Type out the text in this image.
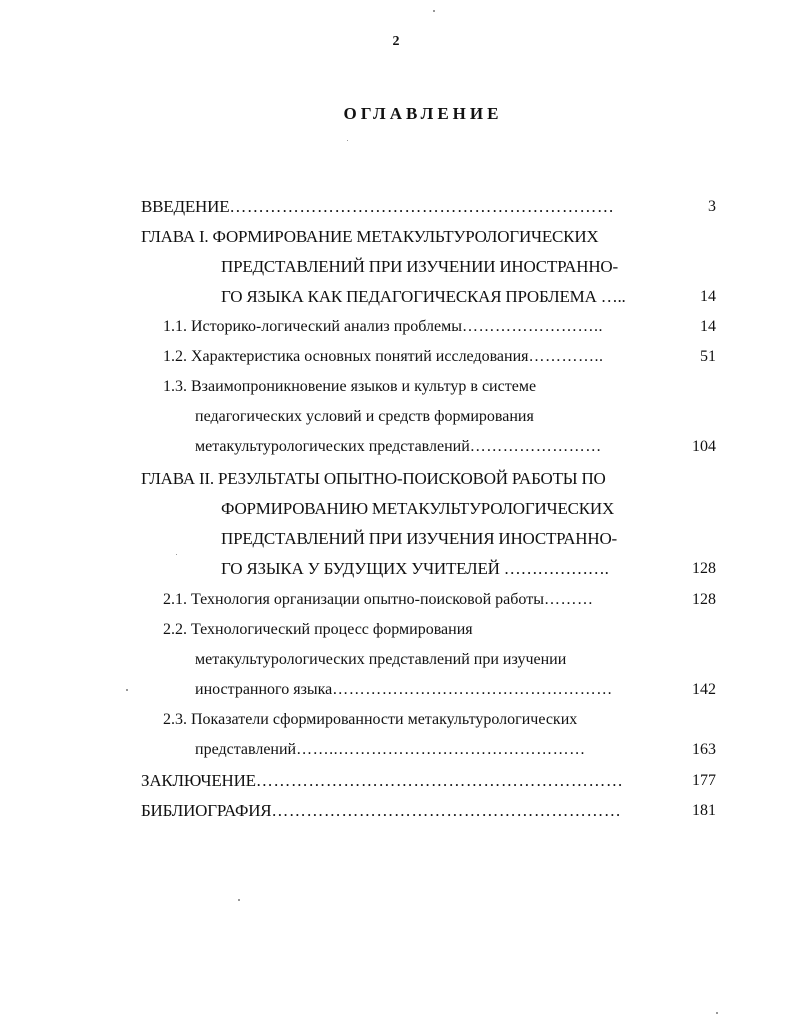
2
ОГЛАВЛЕНИЕ
ВВЕДЕНИЕ…………………………………………………………	3
ГЛАВА I. ФОРМИРОВАНИЕ МЕТАКУЛЬТУРОЛОГИЧЕСКИХ
ПРЕДСТАВЛЕНИЙ ПРИ ИЗУЧЕНИИ ИНОСТРАННО-
ГО ЯЗЫКА КАК ПЕДАГОГИЧЕСКАЯ ПРОБЛЕМА …..	14
1.1. Историко-логический анализ проблемы……………………..	14
1.2. Характеристика основных понятий исследования…………..	51
1.3. Взаимопроникновение языков и культур в системе
педагогических условий и средств формирования
метакультурологических представлений……………………	104
ГЛАВА II. РЕЗУЛЬТАТЫ ОПЫТНО-ПОИСКОВОЙ РАБОТЫ ПО
ФОРМИРОВАНИЮ МЕТАКУЛЬТУРОЛОГИЧЕСКИХ
ПРЕДСТАВЛЕНИЙ ПРИ ИЗУЧЕНИЯ ИНОСТРАННО-
ГО ЯЗЫКА У БУДУЩИХ УЧИТЕЛЕЙ ……………….	128
2.1. Технология организации опытно-поисковой работы………	128
2.2. Технологический процесс формирования
метакультурологических представлений при изучении
иностранного языка……………………………………………	142
2.3. Показатели сформированности метакультурологических
представлений……..………………………………………	163
ЗАКЛЮЧЕНИЕ………………………………………………………	177
БИБЛИОГРАФИЯ……………………………………………………	181
